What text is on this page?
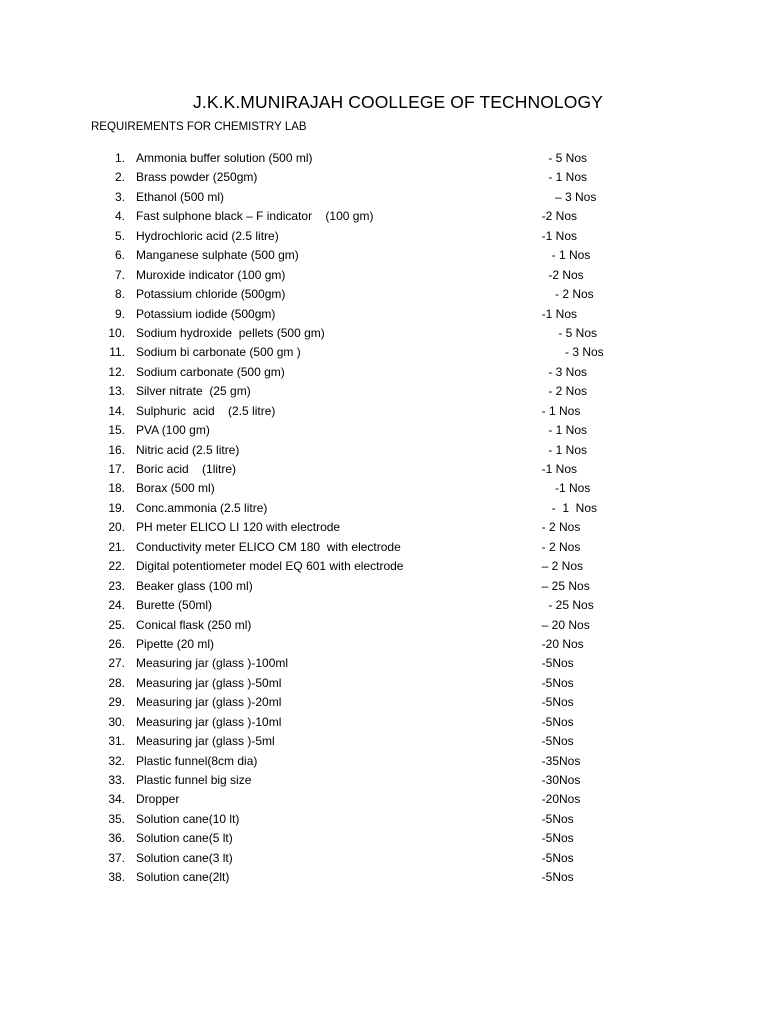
J.K.K.MUNIRAJAH COOLLEGE OF TECHNOLOGY
REQUIREMENTS FOR CHEMISTRY LAB
1. Ammonia buffer solution (500 ml)	- 5 Nos
2. Brass powder (250gm)	- 1 Nos
3. Ethanol (500 ml)	– 3 Nos
4. Fast sulphone black – F indicator    (100 gm)	-2 Nos
5. Hydrochloric acid (2.5 litre)	-1 Nos
6. Manganese sulphate (500 gm)	- 1 Nos
7. Muroxide indicator (100 gm)	-2 Nos
8. Potassium chloride (500gm)	- 2 Nos
9. Potassium iodide (500gm)	-1 Nos
10. Sodium hydroxide  pellets (500 gm)	- 5 Nos
11. Sodium bi carbonate (500 gm )	- 3 Nos
12. Sodium carbonate (500 gm)	- 3 Nos
13. Silver nitrate  (25 gm)	- 2 Nos
14. Sulphuric  acid    (2.5 litre)	- 1 Nos
15. PVA (100 gm)	- 1 Nos
16. Nitric acid (2.5 litre)	- 1 Nos
17. Boric acid    (1litre)	-1 Nos
18. Borax (500 ml)	-1 Nos
19. Conc.ammonia (2.5 litre)	-  1  Nos
20. PH meter ELICO LI 120 with electrode	- 2 Nos
21. Conductivity meter ELICO CM 180  with electrode	- 2 Nos
22. Digital potentiometer model EQ 601 with electrode	– 2 Nos
23. Beaker glass (100 ml)	– 25 Nos
24. Burette (50ml)	- 25 Nos
25. Conical flask (250 ml)	– 20 Nos
26. Pipette (20 ml)	-20 Nos
27. Measuring jar (glass )-100ml	-5Nos
28. Measuring jar (glass )-50ml	-5Nos
29. Measuring jar (glass )-20ml	-5Nos
30. Measuring jar (glass )-10ml	-5Nos
31. Measuring jar (glass )-5ml	-5Nos
32. Plastic funnel(8cm dia)	-35Nos
33. Plastic funnel big size	-30Nos
34. Dropper	-20Nos
35. Solution cane(10 lt)	-5Nos
36. Solution cane(5 lt)	-5Nos
37. Solution cane(3 lt)	-5Nos
38. Solution cane(2lt)	-5Nos
